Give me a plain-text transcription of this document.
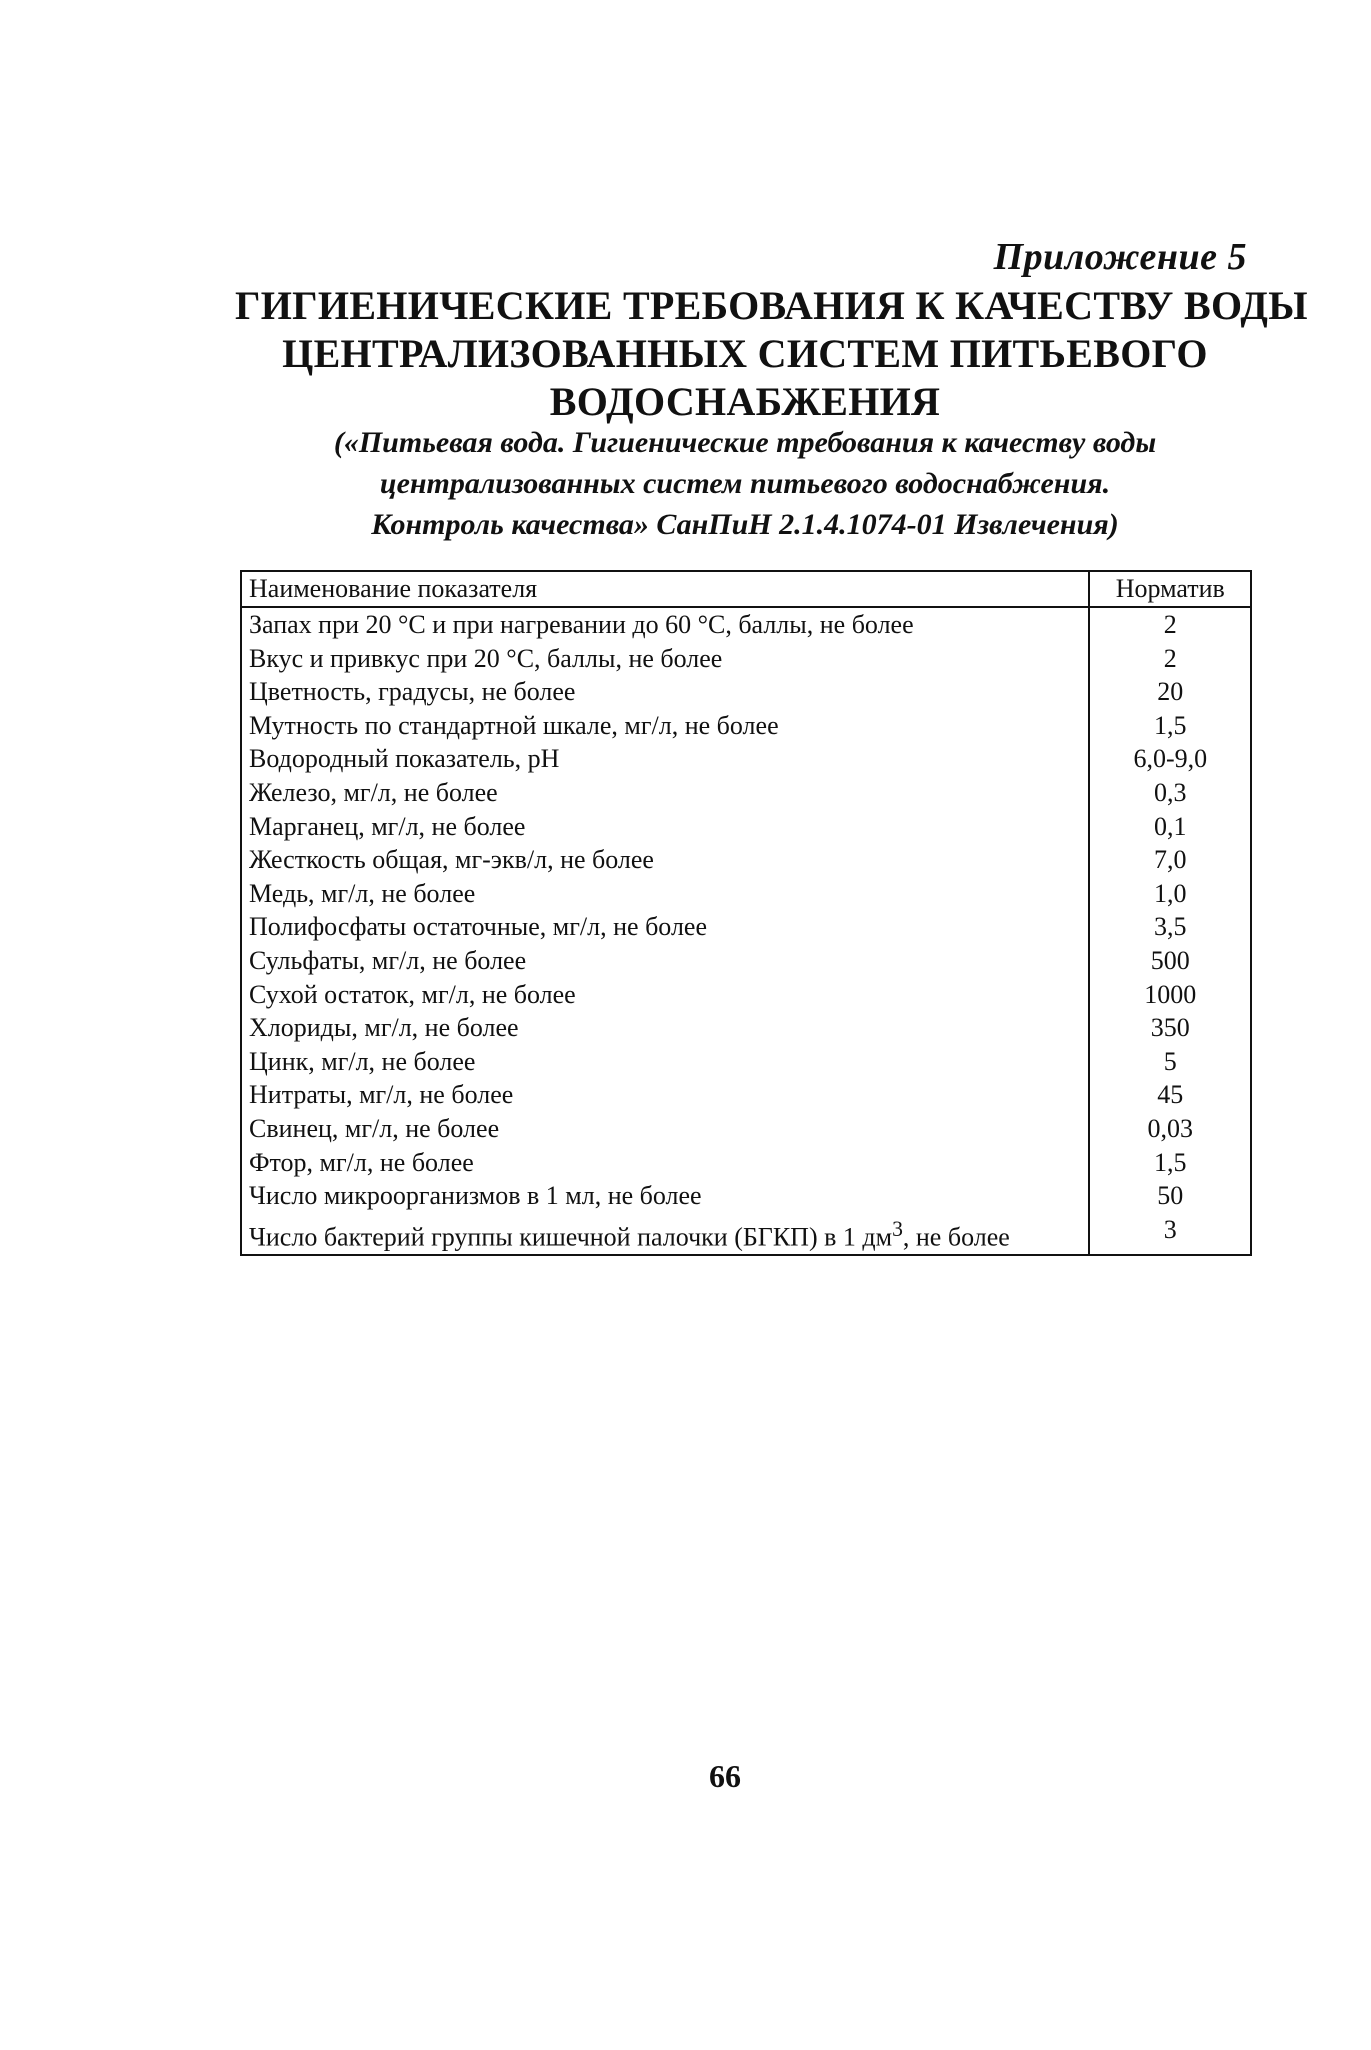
Приложение 5
ГИГИЕНИЧЕСКИЕ ТРЕБОВАНИЯ К КАЧЕСТВУ ВОДЫ
ЦЕНТРАЛИЗОВАННЫХ СИСТЕМ ПИТЬЕВОГО
ВОДОСНАБЖЕНИЯ
(«Питьевая вода. Гигиенические требования к качеству воды
централизованных систем питьевого водоснабжения.
Контроль качества» СанПиН 2.1.4.1074-01 Извлечения)
Наименование показателя	Норматив
Запах при 20 °С и при нагревании до 60 °С, баллы, не более	2
Вкус и привкус при 20 °С, баллы, не более	2
Цветность, градусы, не более	20
Мутность по стандартной шкале, мг/л, не более	1,5
Водородный показатель, рН	6,0-9,0
Железо, мг/л, не более	0,3
Марганец, мг/л, не более	0,1
Жесткость общая, мг-экв/л, не более	7,0
Медь, мг/л, не более	1,0
Полифосфаты остаточные, мг/л, не более	3,5
Сульфаты, мг/л, не более	500
Сухой остаток, мг/л, не более	1000
Хлориды, мг/л, не более	350
Цинк, мг/л, не более	5
Нитраты, мг/л, не более	45
Свинец, мг/л, не более	0,03
Фтор, мг/л, не более	1,5
Число микроорганизмов в 1 мл, не более	50
Число бактерий группы кишечной палочки (БГКП) в 1 $дм^3$, не более	3
66
